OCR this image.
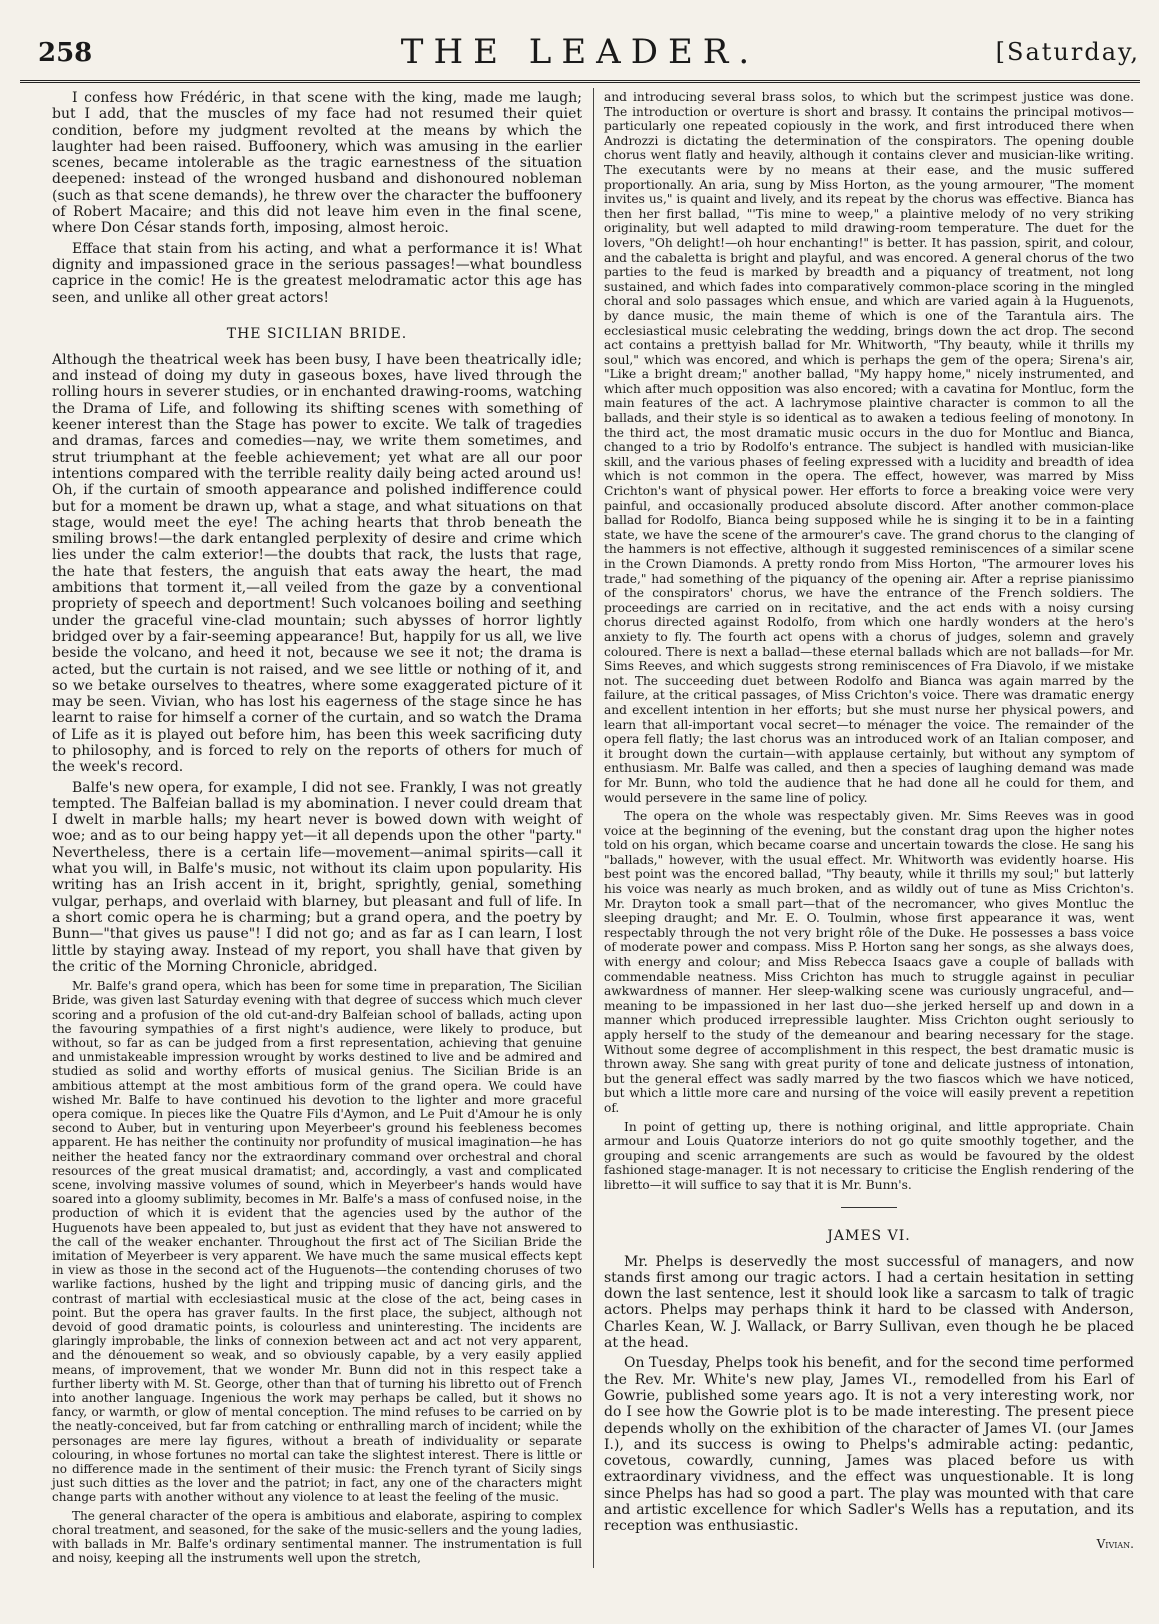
258	THE LEADER.	[Saturday,

I confess how Frédéric, in that scene with the king, made me laugh; but I add, that the muscles of my face had not resumed their quiet condition, before my judgment revolted at the means by which the laughter had been raised. Buffoonery, which was amusing in the earlier scenes, became intolerable as the tragic earnestness of the situation deepened: instead of the wronged husband and dishonoured nobleman (such as that scene demands), he threw over the character the buffoonery of Robert Macaire; and this did not leave him even in the final scene, where Don César stands forth, imposing, almost heroic.

Efface that stain from his acting, and what a performance it is! What dignity and impassioned grace in the serious passages!—what boundless caprice in the comic! He is the greatest melodramatic actor this age has seen, and unlike all other great actors!

THE SICILIAN BRIDE.

Although the theatrical week has been busy, I have been theatrically idle; and instead of doing my duty in gaseous boxes, have lived through the rolling hours in severer studies, or in enchanted drawing-rooms, watching the Drama of Life, and following its shifting scenes with something of keener interest than the Stage has power to excite. We talk of tragedies and dramas, farces and comedies—nay, we write them sometimes, and strut triumphant at the feeble achievement; yet what are all our poor intentions compared with the terrible reality daily being acted around us! Oh, if the curtain of smooth appearance and polished indifference could but for a moment be drawn up, what a stage, and what situations on that stage, would meet the eye! The aching hearts that throb beneath the smiling brows!—the dark entangled perplexity of desire and crime which lies under the calm exterior!—the doubts that rack, the lusts that rage, the hate that festers, the anguish that eats away the heart, the mad ambitions that torment it,—all veiled from the gaze by a conventional propriety of speech and deportment! Such volcanoes boiling and seething under the graceful vine-clad mountain; such abysses of horror lightly bridged over by a fair-seeming appearance! But, happily for us all, we live beside the volcano, and heed it not, because we see it not; the drama is acted, but the curtain is not raised, and we see little or nothing of it, and so we betake ourselves to theatres, where some exaggerated picture of it may be seen. Vivian, who has lost his eagerness of the stage since he has learnt to raise for himself a corner of the curtain, and so watch the Drama of Life as it is played out before him, has been this week sacrificing duty to philosophy, and is forced to rely on the reports of others for much of the week's record.

Balfe's new opera, for example, I did not see. Frankly, I was not greatly tempted. The Balfeian ballad is my abomination. I never could dream that I dwelt in marble halls; my heart never is bowed down with weight of woe; and as to our being happy yet—it all depends upon the other "party." Nevertheless, there is a certain life—movement—animal spirits—call it what you will, in Balfe's music, not without its claim upon popularity. His writing has an Irish accent in it, bright, sprightly, genial, something vulgar, perhaps, and overlaid with blarney, but pleasant and full of life. In a short comic opera he is charming; but a grand opera, and the poetry by Bunn—"that gives us pause"! I did not go; and as far as I can learn, I lost little by staying away. Instead of my report, you shall have that given by the critic of the Morning Chronicle, abridged.

Mr. Balfe's grand opera, which has been for some time in preparation, The Sicilian Bride, was given last Saturday evening with that degree of success which much clever scoring and a profusion of the old cut-and-dry Balfeian school of ballads, acting upon the favouring sympathies of a first night's audience, were likely to produce, but without, so far as can be judged from a first representation, achieving that genuine and unmistakeable impression wrought by works destined to live and be admired and studied as solid and worthy efforts of musical genius. The Sicilian Bride is an ambitious attempt at the most ambitious form of the grand opera. We could have wished Mr. Balfe to have continued his devotion to the lighter and more graceful opera comique. In pieces like the Quatre Fils d'Aymon, and Le Puit d'Amour he is only second to Auber, but in venturing upon Meyerbeer's ground his feebleness becomes apparent. He has neither the continuity nor profundity of musical imagination—he has neither the heated fancy nor the extraordinary command over orchestral and choral resources of the great musical dramatist; and, accordingly, a vast and complicated scene, involving massive volumes of sound, which in Meyerbeer's hands would have soared into a gloomy sublimity, becomes in Mr. Balfe's a mass of confused noise, in the production of which it is evident that the agencies used by the author of the Huguenots have been appealed to, but just as evident that they have not answered to the call of the weaker enchanter. Throughout the first act of The Sicilian Bride the imitation of Meyerbeer is very apparent. We have much the same musical effects kept in view as those in the second act of the Huguenots—the contending choruses of two warlike factions, hushed by the light and tripping music of dancing girls, and the contrast of martial with ecclesiastical music at the close of the act, being cases in point. But the opera has graver faults. In the first place, the subject, although not devoid of good dramatic points, is colourless and uninteresting. The incidents are glaringly improbable, the links of connexion between act and act not very apparent, and the dénouement so weak, and so obviously capable, by a very easily applied means, of improvement, that we wonder Mr. Bunn did not in this respect take a further liberty with M. St. George, other than that of turning his libretto out of French into another language. Ingenious the work may perhaps be called, but it shows no fancy, or warmth, or glow of mental conception. The mind refuses to be carried on by the neatly-conceived, but far from catching or enthralling march of incident; while the personages are mere lay figures, without a breath of individuality or separate colouring, in whose fortunes no mortal can take the slightest interest. There is little or no difference made in the sentiment of their music: the French tyrant of Sicily sings just such ditties as the lover and the patriot; in fact, any one of the characters might change parts with another without any violence to at least the feeling of the music.

The general character of the opera is ambitious and elaborate, aspiring to complex choral treatment, and seasoned, for the sake of the music-sellers and the young ladies, with ballads in Mr. Balfe's ordinary sentimental manner. The instrumentation is full and noisy, keeping all the instruments well upon the stretch,

and introducing several brass solos, to which but the scrimpest justice was done. The introduction or overture is short and brassy. It contains the principal motivos—particularly one repeated copiously in the work, and first introduced there when Androzzi is dictating the determination of the conspirators. The opening double chorus went flatly and heavily, although it contains clever and musician-like writing. The executants were by no means at their ease, and the music suffered proportionally. An aria, sung by Miss Horton, as the young armourer, "The moment invites us," is quaint and lively, and its repeat by the chorus was effective. Bianca has then her first ballad, "'Tis mine to weep," a plaintive melody of no very striking originality, but well adapted to mild drawing-room temperature. The duet for the lovers, "Oh delight!—oh hour enchanting!" is better. It has passion, spirit, and colour, and the cabaletta is bright and playful, and was encored. A general chorus of the two parties to the feud is marked by breadth and a piquancy of treatment, not long sustained, and which fades into comparatively common-place scoring in the mingled choral and solo passages which ensue, and which are varied again à la Huguenots, by dance music, the main theme of which is one of the Tarantula airs. The ecclesiastical music celebrating the wedding, brings down the act drop. The second act contains a prettyish ballad for Mr. Whitworth, "Thy beauty, while it thrills my soul," which was encored, and which is perhaps the gem of the opera; Sirena's air, "Like a bright dream;" another ballad, "My happy home," nicely instrumented, and which after much opposition was also encored; with a cavatina for Montluc, form the main features of the act. A lachrymose plaintive character is common to all the ballads, and their style is so identical as to awaken a tedious feeling of monotony. In the third act, the most dramatic music occurs in the duo for Montluc and Bianca, changed to a trio by Rodolfo's entrance. The subject is handled with musician-like skill, and the various phases of feeling expressed with a lucidity and breadth of idea which is not common in the opera. The effect, however, was marred by Miss Crichton's want of physical power. Her efforts to force a breaking voice were very painful, and occasionally produced absolute discord. After another common-place ballad for Rodolfo, Bianca being supposed while he is singing it to be in a fainting state, we have the scene of the armourer's cave. The grand chorus to the clanging of the hammers is not effective, although it suggested reminiscences of a similar scene in the Crown Diamonds. A pretty rondo from Miss Horton, "The armourer loves his trade," had something of the piquancy of the opening air. After a reprise pianissimo of the conspirators' chorus, we have the entrance of the French soldiers. The proceedings are carried on in recitative, and the act ends with a noisy cursing chorus directed against Rodolfo, from which one hardly wonders at the hero's anxiety to fly. The fourth act opens with a chorus of judges, solemn and gravely coloured. There is next a ballad—these eternal ballads which are not ballads—for Mr. Sims Reeves, and which suggests strong reminiscences of Fra Diavolo, if we mistake not. The succeeding duet between Rodolfo and Bianca was again marred by the failure, at the critical passages, of Miss Crichton's voice. There was dramatic energy and excellent intention in her efforts; but she must nurse her physical powers, and learn that all-important vocal secret—to ménager the voice. The remainder of the opera fell flatly; the last chorus was an introduced work of an Italian composer, and it brought down the curtain—with applause certainly, but without any symptom of enthusiasm. Mr. Balfe was called, and then a species of laughing demand was made for Mr. Bunn, who told the audience that he had done all he could for them, and would persevere in the same line of policy.

The opera on the whole was respectably given. Mr. Sims Reeves was in good voice at the beginning of the evening, but the constant drag upon the higher notes told on his organ, which became coarse and uncertain towards the close. He sang his "ballads," however, with the usual effect. Mr. Whitworth was evidently hoarse. His best point was the encored ballad, "Thy beauty, while it thrills my soul;" but latterly his voice was nearly as much broken, and as wildly out of tune as Miss Crichton's. Mr. Drayton took a small part—that of the necromancer, who gives Montluc the sleeping draught; and Mr. E. O. Toulmin, whose first appearance it was, went respectably through the not very bright rôle of the Duke. He possesses a bass voice of moderate power and compass. Miss P. Horton sang her songs, as she always does, with energy and colour; and Miss Rebecca Isaacs gave a couple of ballads with commendable neatness. Miss Crichton has much to struggle against in peculiar awkwardness of manner. Her sleep-walking scene was curiously ungraceful, and—meaning to be impassioned in her last duo—she jerked herself up and down in a manner which produced irrepressible laughter. Miss Crichton ought seriously to apply herself to the study of the demeanour and bearing necessary for the stage. Without some degree of accomplishment in this respect, the best dramatic music is thrown away. She sang with great purity of tone and delicate justness of intonation, but the general effect was sadly marred by the two fiascos which we have noticed, but which a little more care and nursing of the voice will easily prevent a repetition of.

In point of getting up, there is nothing original, and little appropriate. Chain armour and Louis Quatorze interiors do not go quite smoothly together, and the grouping and scenic arrangements are such as would be favoured by the oldest fashioned stage-manager. It is not necessary to criticise the English rendering of the libretto—it will suffice to say that it is Mr. Bunn's.

JAMES VI.

Mr. Phelps is deservedly the most successful of managers, and now stands first among our tragic actors. I had a certain hesitation in setting down the last sentence, lest it should look like a sarcasm to talk of tragic actors. Phelps may perhaps think it hard to be classed with Anderson, Charles Kean, W. J. Wallack, or Barry Sullivan, even though he be placed at the head.

On Tuesday, Phelps took his benefit, and for the second time performed the Rev. Mr. White's new play, James VI., remodelled from his Earl of Gowrie, published some years ago. It is not a very interesting work, nor do I see how the Gowrie plot is to be made interesting. The present piece depends wholly on the exhibition of the character of James VI. (our James I.), and its success is owing to Phelps's admirable acting: pedantic, covetous, cowardly, cunning, James was placed before us with extraordinary vividness, and the effect was unquestionable. It is long since Phelps has had so good a part. The play was mounted with that care and artistic excellence for which Sadler's Wells has a reputation, and its reception was enthusiastic.

Vivian.
